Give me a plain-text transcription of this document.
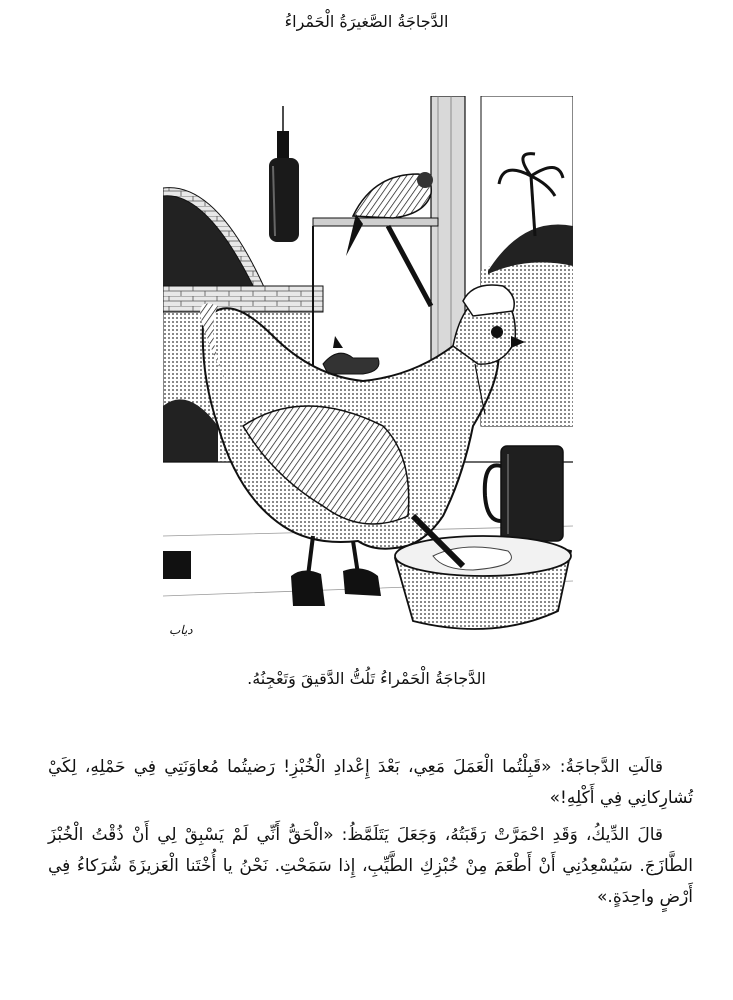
الدَّجاجَةُ الصَّغيرَةُ الْحَمْراءُ
دياب
الدَّجاجَةُ الْحَمْراءُ تَلُتُّ الدَّقيقَ وَتَعْجِنُهُ.

قالَتِ الدَّجاجَةُ: «قَبِلْتُما الْعَمَلَ مَعِي، بَعْدَ إِعْدادِ الْخُبْزِ! رَضيتُما مُعاوَنَتِي فِي حَمْلِهِ، لِكَيْ تُشارِكانِي فِي أَكْلِهِ!»

قالَ الدِّيكُ، وَقَدِ احْمَرَّتْ رَقَبَتُهُ، وَجَعَلَ يَتَلَمَّظُ: «الْحَقُّ أَنِّي لَمْ يَسْبِقْ لِي أَنْ ذُقْتُ الْخُبْزَ الطَّازَجَ. سَيُسْعِدُنِي أَنْ أَطْعَمَ مِنْ خُبْزِكِ الطَّيِّبِ، إِذا سَمَحْتِ. نَحْنُ يا أُخْتَنا الْعَزيزَةَ شُرَكاءُ فِي أَرْضٍ واحِدَةٍ.»
